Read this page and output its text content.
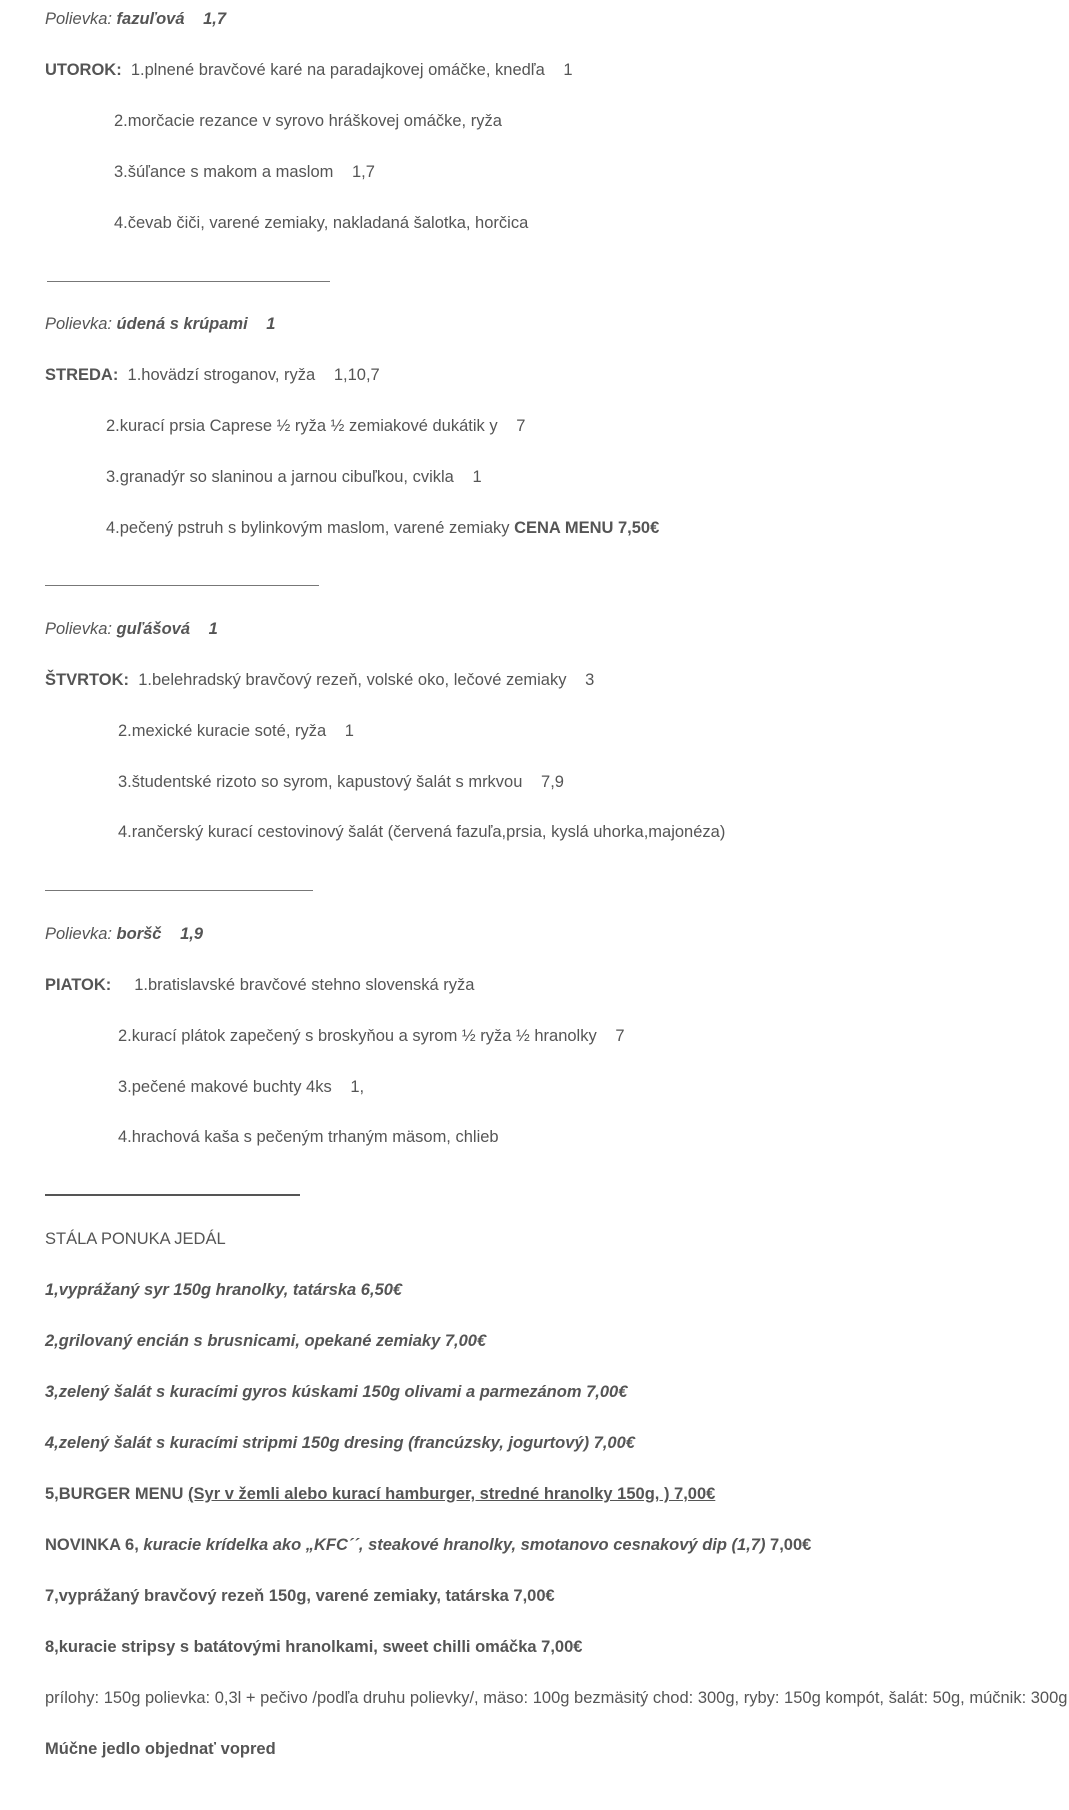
Polievka: fazuľová 1,7
UTOROK: 1.plnené bravčové karé na paradajkovej omáčke, knedľa 1
2.morčacie rezance v syrovo hráškovej omáčke, ryža
3.šúľance s makom a maslom 1,7
4.čevab čiči, varené zemiaky, nakladaná šalotka, horčica
Polievka: údená s krúpami 1
STREDA: 1.hovädzí stroganov, ryža 1,10,7
2.kurací prsia Caprese ½ ryža ½ zemiakové dukátik y 7
3.granadýr so slaninou a jarnou cibuľkou, cvikla 1
4.pečený pstruh s bylinkovým maslom, varené zemiaky CENA MENU 7,50€
Polievka: guľášová 1
ŠTVRTOK: 1.belehradský bravčový rezeň, volské oko, lečové zemiaky 3
2.mexické kuracie soté, ryža 1
3.študentské rizoto so syrom, kapustový šalát s mrkvou 7,9
4.rančerský kurací cestovinový šalát (červená fazuľa,prsia, kyslá uhorka,majonéza)
Polievka: boršč 1,9
PIATOK: 1.bratislavské bravčové stehno slovenská ryža
2.kurací plátok zapečený s broskyňou a syrom ½ ryža ½ hranolky 7
3.pečené makové buchty 4ks 1,
4.hrachová kaša s pečeným trhaným mäsom, chlieb
STÁLA PONUKA JEDÁL
1,vyprážaný syr 150g hranolky, tatárska 6,50€
2,grilovaný encián s brusnicami, opekané zemiaky 7,00€
3,zelený šalát s kuracími gyros kúskami 150g olivami a parmezánom 7,00€
4,zelený šalát s kuracími stripmi 150g dresing (francúzsky, jogurtový) 7,00€
5,BURGER MENU (Syr v žemli alebo kurací hamburger, stredné hranolky 150g, ) 7,00€
NOVINKA 6, kuracie krídelka ako „KFC´´, steakové hranolky, smotanovo cesnakový dip (1,7) 7,00€
7,vyprážaný bravčový rezeň 150g, varené zemiaky, tatárska 7,00€
8,kuracie stripsy s batátovými hranolkami, sweet chilli omáčka 7,00€
prílohy: 150g polievka: 0,3l + pečivo /podľa druhu polievky/, mäso: 100g bezmäsitý chod: 300g, ryby: 150g kompót, šalát: 50g, múčnik: 300g
Múčne jedlo objednať vopred
